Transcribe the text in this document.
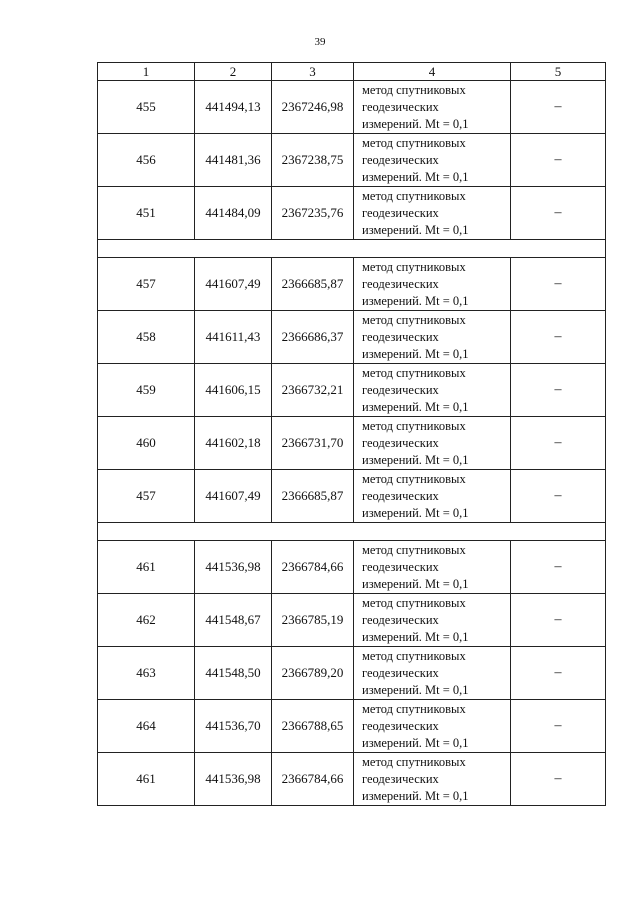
39
1	2	3	4	5
455	441494,13	2367246,98	метод спутниковых
геодезических
измерений. Mt = 0,1	–
456	441481,36	2367238,75	метод спутниковых
геодезических
измерений. Mt = 0,1	–
451	441484,09	2367235,76	метод спутниковых
геодезических
измерений. Mt = 0,1	–

457	441607,49	2366685,87	метод спутниковых
геодезических
измерений. Mt = 0,1	–
458	441611,43	2366686,37	метод спутниковых
геодезических
измерений. Mt = 0,1	–
459	441606,15	2366732,21	метод спутниковых
геодезических
измерений. Mt = 0,1	–
460	441602,18	2366731,70	метод спутниковых
геодезических
измерений. Mt = 0,1	–
457	441607,49	2366685,87	метод спутниковых
геодезических
измерений. Mt = 0,1	–

461	441536,98	2366784,66	метод спутниковых
геодезических
измерений. Mt = 0,1	–
462	441548,67	2366785,19	метод спутниковых
геодезических
измерений. Mt = 0,1	–
463	441548,50	2366789,20	метод спутниковых
геодезических
измерений. Mt = 0,1	–
464	441536,70	2366788,65	метод спутниковых
геодезических
измерений. Mt = 0,1	–
461	441536,98	2366784,66	метод спутниковых
геодезических
измерений. Mt = 0,1	–
